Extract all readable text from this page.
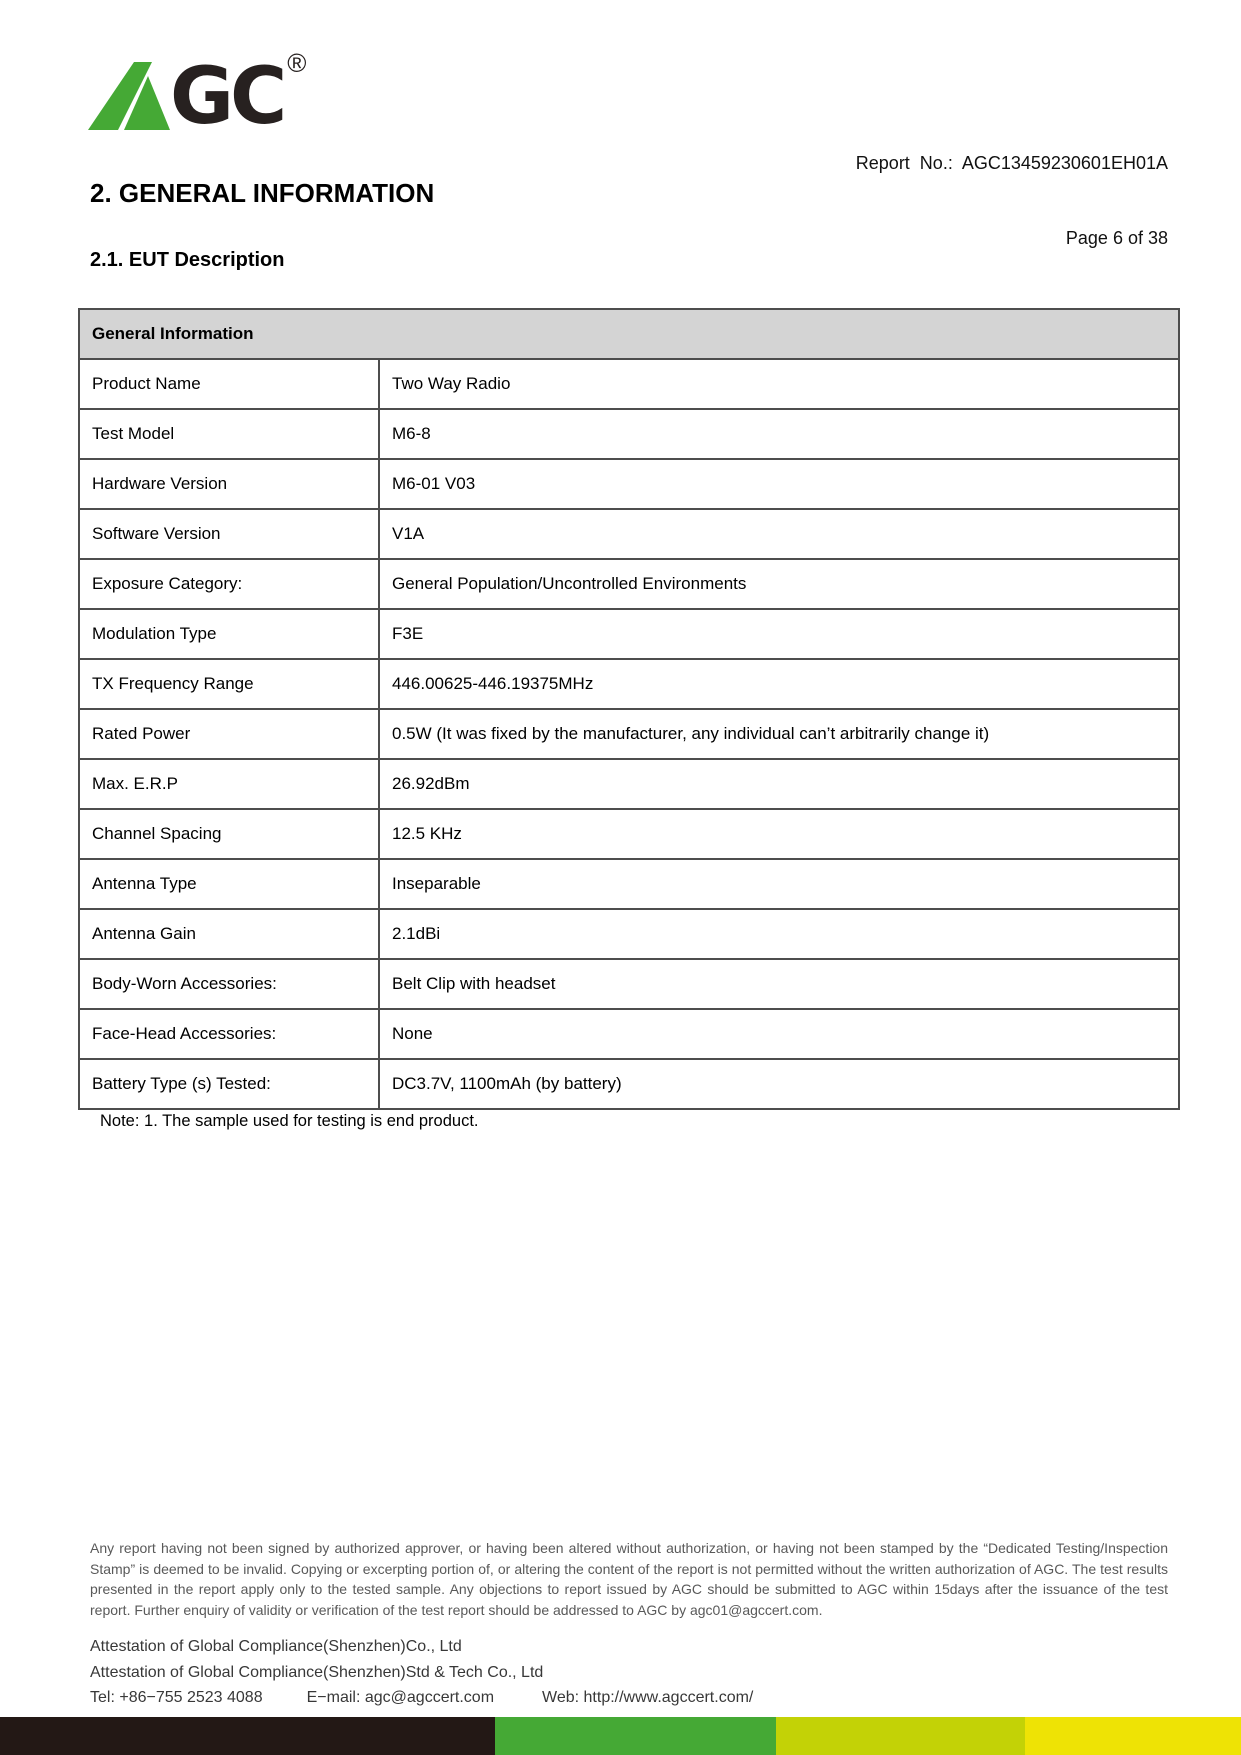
GC ®

Report  No.:  AGC13459230601EH01A

Page 6 of 38

2. GENERAL INFORMATION
2.1. EUT Description
General Information	
Product Name	Two Way Radio
Test Model	M6-8
Hardware Version	M6-01 V03
Software Version	V1A
Exposure Category:	General Population/Uncontrolled Environments
Modulation Type	F3E
TX Frequency Range	446.00625-446.19375MHz
Rated Power	0.5W (It was fixed by the manufacturer, any individual can’t arbitrarily change it)
Max. E.R.P	26.92dBm
Channel Spacing	12.5 KHz
Antenna Type	Inseparable
Antenna Gain	2.1dBi
Body-Worn Accessories:	Belt Clip with headset
Face-Head Accessories:	None
Battery Type (s) Tested:	DC3.7V, 1100mAh (by battery)
Note: 1. The sample used for testing is end product.
Any report having not been signed by authorized approver, or having been altered without authorization, or having not been stamped by the “Dedicated Testing/Inspection Stamp” is deemed to be invalid. Copying or excerpting portion of, or altering the content of the report is not permitted without the written authorization of AGC. The test results presented in the report apply only to the tested sample. Any objections to report issued by AGC should be submitted to AGC within 15days after the issuance of the test report. Further enquiry of validity or verification of the test report should be addressed to AGC by agc01@agccert.com.
Attestation of Global Compliance(Shenzhen)Co., Ltd
Attestation of Global Compliance(Shenzhen)Std & Tech Co., Ltd
Tel: +86−755 2523 4088	E−mail: agc@agccert.com	Web: http://www.agccert.com/
